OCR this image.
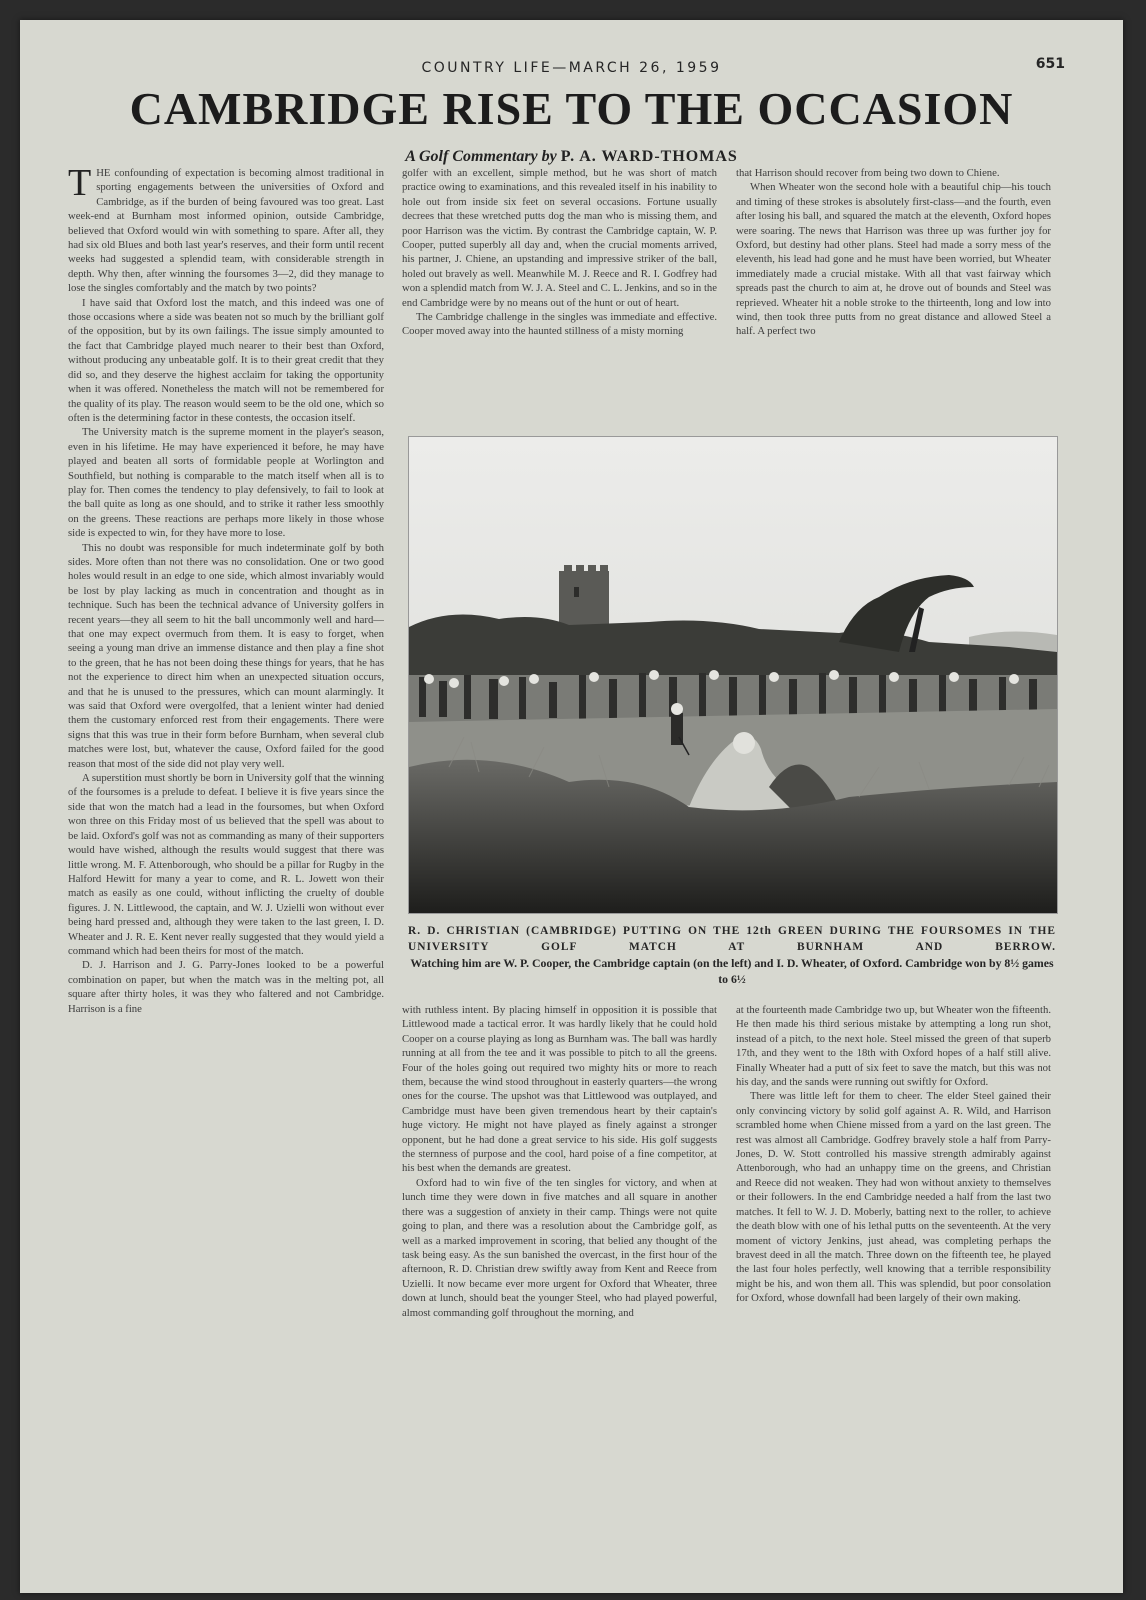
COUNTRY LIFE—MARCH 26, 1959	651
CAMBRIDGE RISE TO THE OCCASION
A Golf Commentary by P. A. WARD-THOMAS

THE confounding of expectation is becoming almost traditional in sporting engagements between the universities of Oxford and Cambridge, as if the burden of being favoured was too great. Last week-end at Burnham most informed opinion, outside Cambridge, believed that Oxford would win with something to spare. After all, they had six old Blues and both last year's reserves, and their form until recent weeks had suggested a splendid team, with considerable strength in depth. Why then, after winning the foursomes 3—2, did they manage to lose the singles comfortably and the match by two points?

I have said that Oxford lost the match, and this indeed was one of those occasions where a side was beaten not so much by the brilliant golf of the opposition, but by its own failings. The issue simply amounted to the fact that Cambridge played much nearer to their best than Oxford, without producing any unbeatable golf. It is to their great credit that they did so, and they deserve the highest acclaim for taking the opportunity when it was offered. Nonetheless the match will not be remembered for the quality of its play. The reason would seem to be the old one, which so often is the determining factor in these contests, the occasion itself.

The University match is the supreme moment in the player's season, even in his lifetime. He may have experienced it before, he may have played and beaten all sorts of formidable people at Worlington and Southfield, but nothing is comparable to the match itself when all is to play for. Then comes the tendency to play defensively, to fail to look at the ball quite as long as one should, and to strike it rather less smoothly on the greens. These reactions are perhaps more likely in those whose side is expected to win, for they have more to lose.

This no doubt was responsible for much indeterminate golf by both sides. More often than not there was no consolidation. One or two good holes would result in an edge to one side, which almost invariably would be lost by play lacking as much in concentration and thought as in technique. Such has been the technical advance of University golfers in recent years—they all seem to hit the ball uncommonly well and hard—that one may expect overmuch from them. It is easy to forget, when seeing a young man drive an immense distance and then play a fine shot to the green, that he has not been doing these things for years, that he has not the experience to direct him when an unexpected situation occurs, and that he is unused to the pressures, which can mount alarmingly. It was said that Oxford were overgolfed, that a lenient winter had denied them the customary enforced rest from their engagements. There were signs that this was true in their form before Burnham, when several club matches were lost, but, whatever the cause, Oxford failed for the good reason that most of the side did not play very well.

A superstition must shortly be born in University golf that the winning of the foursomes is a prelude to defeat. I believe it is five years since the side that won the match had a lead in the foursomes, but when Oxford won three on this Friday most of us believed that the spell was about to be laid. Oxford's golf was not as commanding as many of their supporters would have wished, although the results would suggest that there was little wrong. M. F. Attenborough, who should be a pillar for Rugby in the Halford Hewitt for many a year to come, and R. L. Jowett won their match as easily as one could, without inflicting the cruelty of double figures. J. N. Littlewood, the captain, and W. J. Uzielli won without ever being hard pressed and, although they were taken to the last green, I. D. Wheater and J. R. E. Kent never really suggested that they would yield a command which had been theirs for most of the match.

D. J. Harrison and J. G. Parry-Jones looked to be a powerful combination on paper, but when the match was in the melting pot, all square after thirty holes, it was they who faltered and not Cambridge. Harrison is a fine

golfer with an excellent, simple method, but he was short of match practice owing to examinations, and this revealed itself in his inability to hole out from inside six feet on several occasions. Fortune usually decrees that these wretched putts dog the man who is missing them, and poor Harrison was the victim. By contrast the Cambridge captain, W. P. Cooper, putted superbly all day and, when the crucial moments arrived, his partner, J. Chiene, an upstanding and impressive striker of the ball, holed out bravely as well. Meanwhile M. J. Reece and R. I. Godfrey had won a splendid match from W. J. A. Steel and C. L. Jenkins, and so in the end Cambridge were by no means out of the hunt or out of heart.

The Cambridge challenge in the singles was immediate and effective. Cooper moved away into the haunted stillness of a misty morning

that Harrison should recover from being two down to Chiene.

When Wheater won the second hole with a beautiful chip—his touch and timing of these strokes is absolutely first-class—and the fourth, even after losing his ball, and squared the match at the eleventh, Oxford hopes were soaring. The news that Harrison was three up was further joy for Oxford, but destiny had other plans. Steel had made a sorry mess of the eleventh, his lead had gone and he must have been worried, but Wheater immediately made a crucial mistake. With all that vast fairway which spreads past the church to aim at, he drove out of bounds and Steel was reprieved. Wheater hit a noble stroke to the thirteenth, long and low into wind, then took three putts from no great distance and allowed Steel a half. A perfect two

R. D. CHRISTIAN (CAMBRIDGE) PUTTING ON THE 12th GREEN DURING THE FOURSOMES IN THE UNIVERSITY GOLF MATCH AT BURNHAM AND BERROW.
Watching him are W. P. Cooper, the Cambridge captain (on the left) and I. D. Wheater, of Oxford. Cambridge won by 8½ games to 6½

with ruthless intent. By placing himself in opposition it is possible that Littlewood made a tactical error. It was hardly likely that he could hold Cooper on a course playing as long as Burnham was. The ball was hardly running at all from the tee and it was possible to pitch to all the greens. Four of the holes going out required two mighty hits or more to reach them, because the wind stood throughout in easterly quarters—the wrong ones for the course. The upshot was that Littlewood was outplayed, and Cambridge must have been given tremendous heart by their captain's huge victory. He might not have played as finely against a stronger opponent, but he had done a great service to his side. His golf suggests the sternness of purpose and the cool, hard poise of a fine competitor, at his best when the demands are greatest.

Oxford had to win five of the ten singles for victory, and when at lunch time they were down in five matches and all square in another there was a suggestion of anxiety in their camp. Things were not quite going to plan, and there was a resolution about the Cambridge golf, as well as a marked improvement in scoring, that belied any thought of the task being easy. As the sun banished the overcast, in the first hour of the afternoon, R. D. Christian drew swiftly away from Kent and Reece from Uzielli. It now became ever more urgent for Oxford that Wheater, three down at lunch, should beat the younger Steel, who had played powerful, almost commanding golf throughout the morning, and

at the fourteenth made Cambridge two up, but Wheater won the fifteenth. He then made his third serious mistake by attempting a long run shot, instead of a pitch, to the next hole. Steel missed the green of that superb 17th, and they went to the 18th with Oxford hopes of a half still alive. Finally Wheater had a putt of six feet to save the match, but this was not his day, and the sands were running out swiftly for Oxford.

There was little left for them to cheer. The elder Steel gained their only convincing victory by solid golf against A. R. Wild, and Harrison scrambled home when Chiene missed from a yard on the last green. The rest was almost all Cambridge. Godfrey bravely stole a half from Parry-Jones, D. W. Stott controlled his massive strength admirably against Attenborough, who had an unhappy time on the greens, and Christian and Reece did not weaken. They had won without anxiety to themselves or their followers. In the end Cambridge needed a half from the last two matches. It fell to W. J. D. Moberly, batting next to the roller, to achieve the death blow with one of his lethal putts on the seventeenth. At the very moment of victory Jenkins, just ahead, was completing perhaps the bravest deed in all the match. Three down on the fifteenth tee, he played the last four holes perfectly, well knowing that a terrible responsibility might be his, and won them all. This was splendid, but poor consolation for Oxford, whose downfall had been largely of their own making.
